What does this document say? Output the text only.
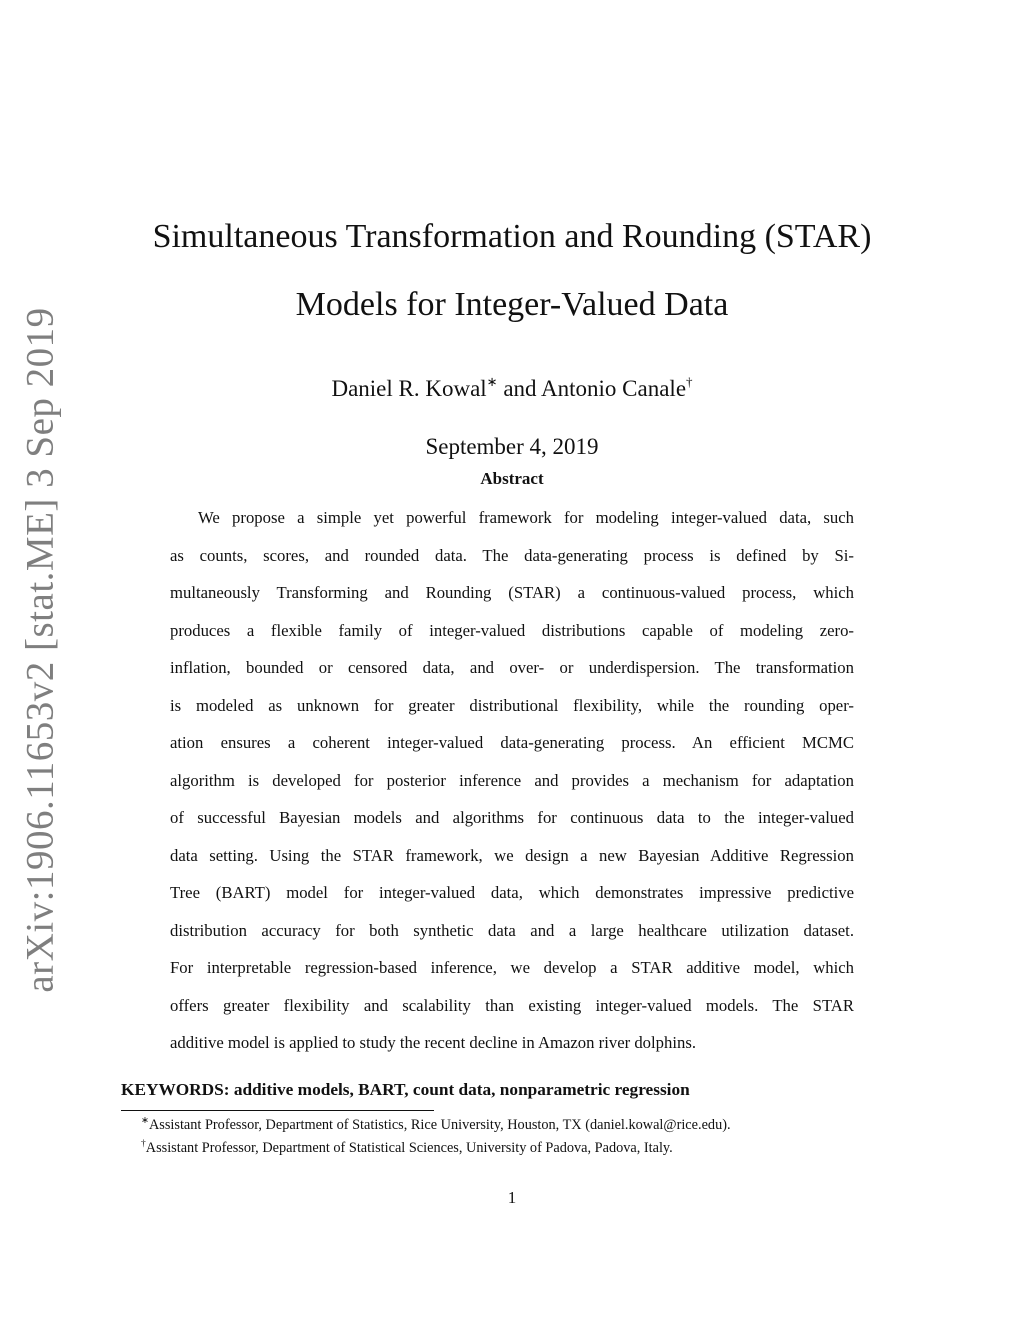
arXiv:1906.11653v2 [stat.ME] 3 Sep 2019
Simultaneous Transformation and Rounding (STAR)
Models for Integer-Valued Data
Daniel R. Kowal∗ and Antonio Canale†
September 4, 2019
Abstract
We propose a simple yet powerful framework for modeling integer-valued data, such
as counts, scores, and rounded data. The data-generating process is defined by Si-
multaneously Transforming and Rounding (STAR) a continuous-valued process, which
produces a flexible family of integer-valued distributions capable of modeling zero-
inflation, bounded or censored data, and over- or underdispersion. The transformation
is modeled as unknown for greater distributional flexibility, while the rounding oper-
ation ensures a coherent integer-valued data-generating process. An efficient MCMC
algorithm is developed for posterior inference and provides a mechanism for adaptation
of successful Bayesian models and algorithms for continuous data to the integer-valued
data setting. Using the STAR framework, we design a new Bayesian Additive Regression
Tree (BART) model for integer-valued data, which demonstrates impressive predictive
distribution accuracy for both synthetic data and a large healthcare utilization dataset.
For interpretable regression-based inference, we develop a STAR additive model, which
offers greater flexibility and scalability than existing integer-valued models. The STAR
additive model is applied to study the recent decline in Amazon river dolphins.
KEYWORDS: additive models, BART, count data, nonparametric regression
∗Assistant Professor, Department of Statistics, Rice University, Houston, TX (daniel.kowal@rice.edu).
†Assistant Professor, Department of Statistical Sciences, University of Padova, Padova, Italy.
1
